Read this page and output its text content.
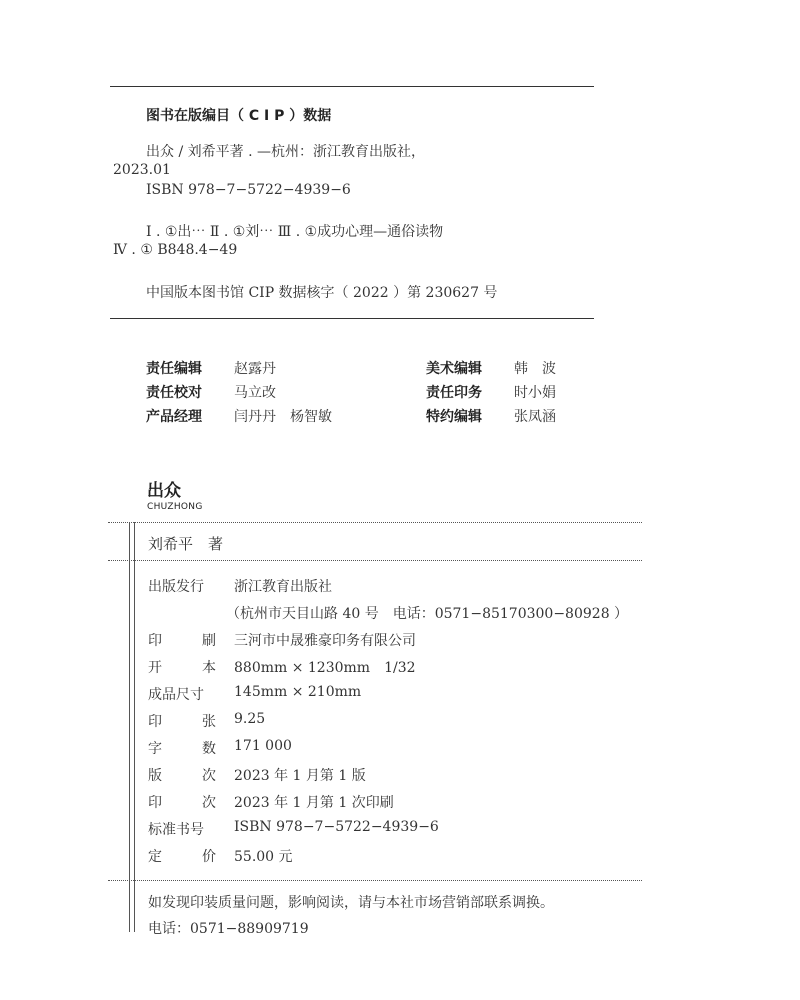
图书在版编目（ C I P ）数据
出众 / 刘希平著 . —杭州：浙江教育出版社，
2023.01
ISBN 978−7−5722−4939−6
Ⅰ . ①出⋯ Ⅱ . ①刘⋯ Ⅲ . ①成功心理—通俗读物
Ⅳ . ① B848.4−49
中国版本图书馆 CIP 数据核字（ 2022 ）第 230627 号
责任编辑 赵露丹	美术编辑 韩　波
责任校对 马立改	责任印务 时小娟
产品经理 闫丹丹　杨智敏	特约编辑 张凤涵
出众
CHUZHONG
刘希平　著
出版发行 浙江教育出版社
（杭州市天目山路 40 号　电话：0571−85170300−80928 ）
印	刷 三河市中晟雅豪印务有限公司
开	本 880mm × 1230mm　1/32
成品尺寸 145mm × 210mm
印	张 9.25
字	数 171 000
版	次 2023 年 1 月第 1 版
印	次 2023 年 1 月第 1 次印刷
标准书号 ISBN 978−7−5722−4939−6
定	价 55.00 元
如发现印装质量问题，影响阅读，请与本社市场营销部联系调换。
电话：0571−88909719
